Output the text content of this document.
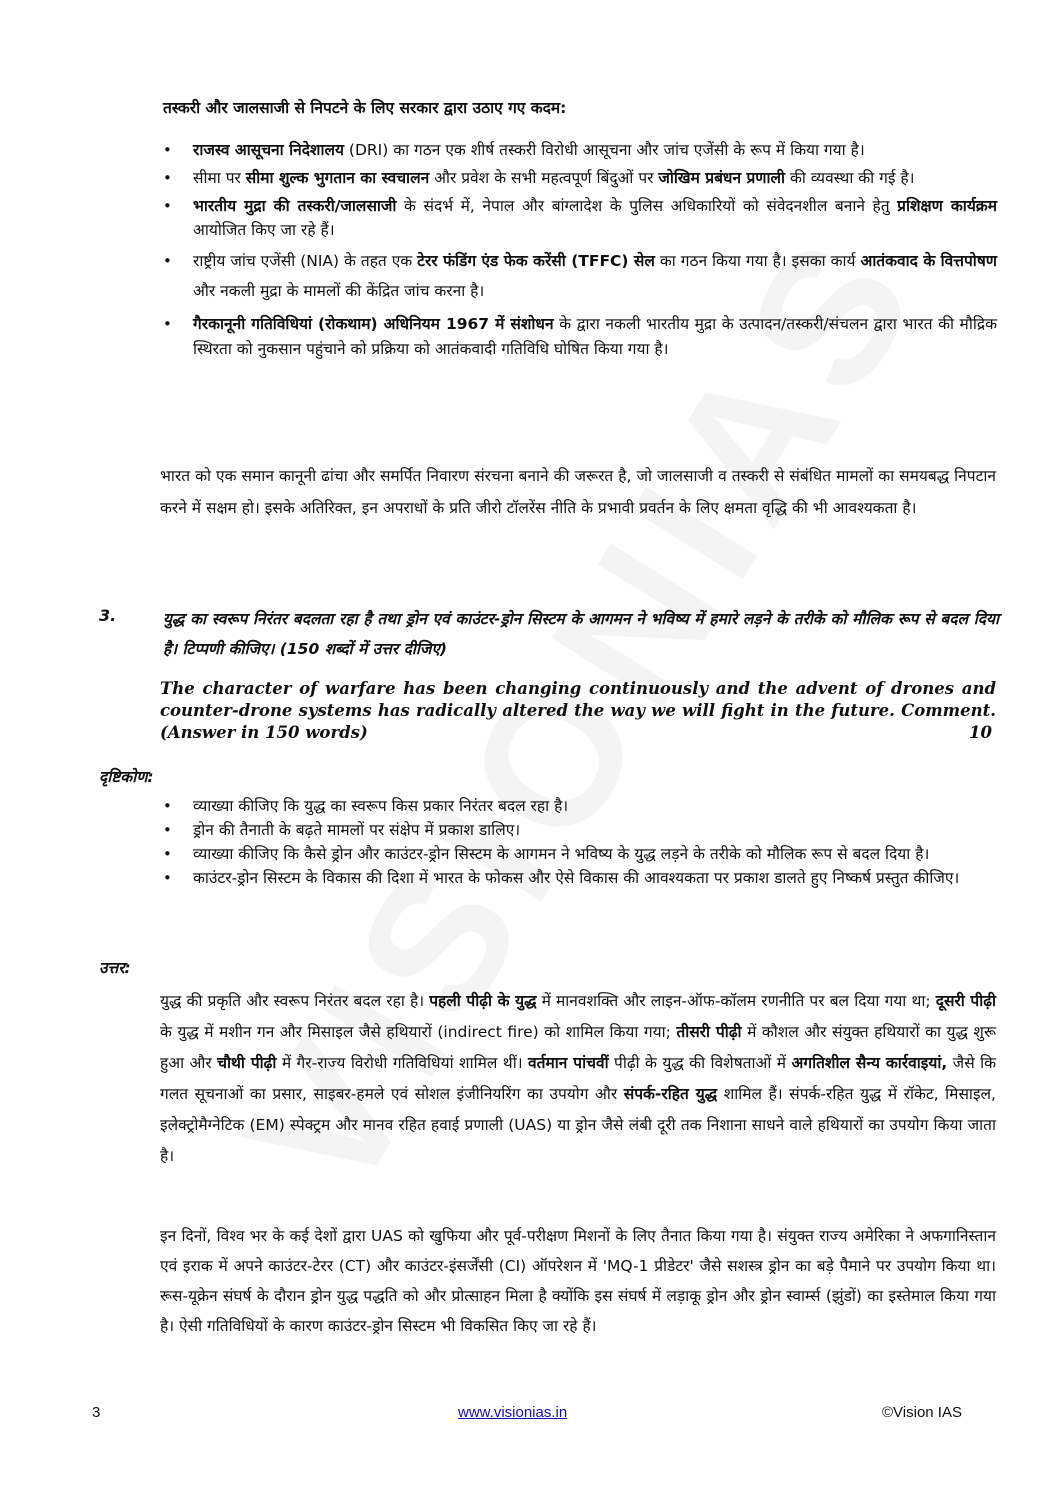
तस्करी और जालसाजी से निपटने के लिए सरकार द्वारा उठाए गए कदम:
• राजस्व आसूचना निदेशालय (DRI) का गठन एक शीर्ष तस्करी विरोधी आसूचना और जांच एजेंसी के रूप में किया गया है।
• सीमा पर सीमा शुल्क भुगतान का स्वचालन और प्रवेश के सभी महत्वपूर्ण बिंदुओं पर जोखिम प्रबंधन प्रणाली की व्यवस्था की गई है।
• भारतीय मुद्रा की तस्करी/जालसाजी के संदर्भ में, नेपाल और बांग्लादेश के पुलिस अधिकारियों को संवेदनशील बनाने हेतु प्रशिक्षण कार्यक्रम आयोजित किए जा रहे हैं।
• राष्ट्रीय जांच एजेंसी (NIA) के तहत एक टेरर फंडिंग एंड फेक करेंसी (TFFC) सेल का गठन किया गया है। इसका कार्य आतंकवाद के वित्तपोषण और नकली मुद्रा के मामलों की केंद्रित जांच करना है।
• गैरकानूनी गतिविधियां (रोकथाम) अधिनियम 1967 में संशोधन के द्वारा नकली भारतीय मुद्रा के उत्पादन/तस्करी/संचलन द्वारा भारत की मौद्रिक स्थिरता को नुकसान पहुंचाने को प्रक्रिया को आतंकवादी गतिविधि घोषित किया गया है।

भारत को एक समान कानूनी ढांचा और समर्पित निवारण संरचना बनाने की जरूरत है, जो जालसाजी व तस्करी से संबंधित मामलों का समयबद्ध निपटान करने में सक्षम हो। इसके अतिरिक्त, इन अपराधों के प्रति जीरो टॉलरेंस नीति के प्रभावी प्रवर्तन के लिए क्षमता वृद्धि की भी आवश्यकता है।

3.	युद्ध का स्वरूप निरंतर बदलता रहा है तथा ड्रोन एवं काउंटर-ड्रोन सिस्टम के आगमन ने भविष्य में हमारे लड़ने के तरीके को मौलिक रूप से बदल दिया है। टिप्पणी कीजिए। (150 शब्दों में उत्तर दीजिए)
The character of warfare has been changing continuously and the advent of drones and counter-drone systems has radically altered the way we will fight in the future. Comment. (Answer in 150 words)	10
दृष्टिकोण:
• व्याख्या कीजिए कि युद्ध का स्वरूप किस प्रकार निरंतर बदल रहा है।
• ड्रोन की तैनाती के बढ़ते मामलों पर संक्षेप में प्रकाश डालिए।
• व्याख्या कीजिए कि कैसे ड्रोन और काउंटर-ड्रोन सिस्टम के आगमन ने भविष्य के युद्ध लड़ने के तरीके को मौलिक रूप से बदल दिया है।
• काउंटर-ड्रोन सिस्टम के विकास की दिशा में भारत के फोकस और ऐसे विकास की आवश्यकता पर प्रकाश डालते हुए निष्कर्ष प्रस्तुत कीजिए।
उत्तर:

युद्ध की प्रकृति और स्वरूप निरंतर बदल रहा है। पहली पीढ़ी के युद्ध में मानवशक्ति और लाइन-ऑफ-कॉलम रणनीति पर बल दिया गया था; दूसरी पीढ़ी के युद्ध में मशीन गन और मिसाइल जैसे हथियारों (indirect fire) को शामिल किया गया; तीसरी पीढ़ी में कौशल और संयुक्त हथियारों का युद्ध शुरू हुआ और चौथी पीढ़ी में गैर-राज्य विरोधी गतिविधियां शामिल थीं। वर्तमान पांचवीं पीढ़ी के युद्ध की विशेषताओं में अगतिशील सैन्य कार्रवाइयां, जैसे कि गलत सूचनाओं का प्रसार, साइबर-हमले एवं सोशल इंजीनियरिंग का उपयोग और संपर्क-रहित युद्ध शामिल हैं। संपर्क-रहित युद्ध में रॉकेट, मिसाइल, इलेक्ट्रोमैग्नेटिक (EM) स्पेक्ट्रम और मानव रहित हवाई प्रणाली (UAS) या ड्रोन जैसे लंबी दूरी तक निशाना साधने वाले हथियारों का उपयोग किया जाता है।

इन दिनों, विश्व भर के कई देशों द्वारा UAS को खुफिया और पूर्व-परीक्षण मिशनों के लिए तैनात किया गया है। संयुक्त राज्य अमेरिका ने अफगानिस्तान एवं इराक में अपने काउंटर-टेरर (CT) और काउंटर-इंसर्जेंसी (CI) ऑपरेशन में 'MQ-1 प्रीडेटर' जैसे सशस्त्र ड्रोन का बड़े पैमाने पर उपयोग किया था। रूस-यूक्रेन संघर्ष के दौरान ड्रोन युद्ध पद्धति को और प्रोत्साहन मिला है क्योंकि इस संघर्ष में लड़ाकू ड्रोन और ड्रोन स्वार्म्स (झुंडों) का इस्तेमाल किया गया है। ऐसी गतिविधियों के कारण काउंटर-ड्रोन सिस्टम भी विकसित किए जा रहे हैं।

3	www.visionias.in	©Vision IAS
